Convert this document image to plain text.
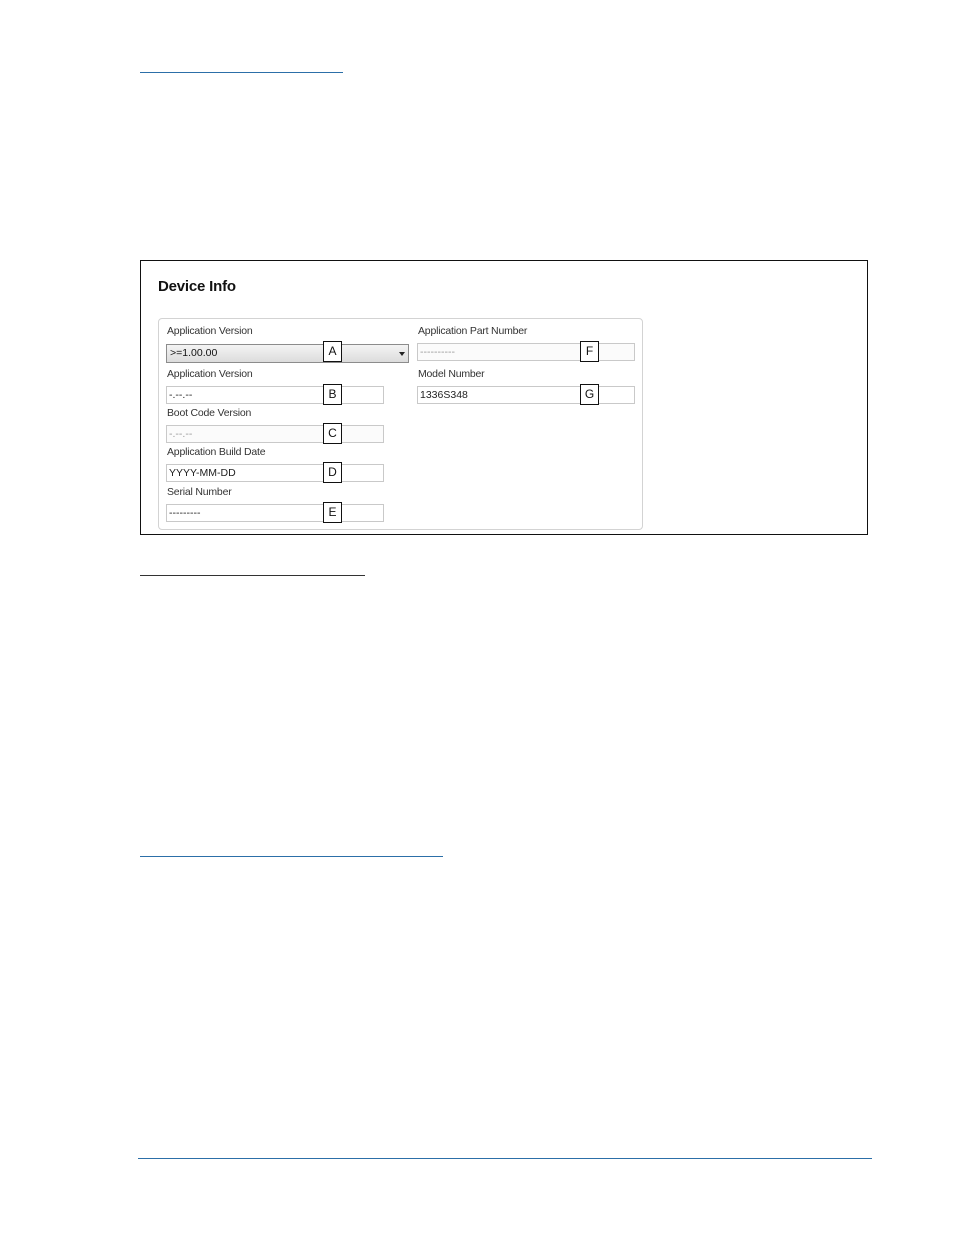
Device Info
Application Version
>=1.00.00
Application Version
-.--.--
Boot Code Version
-.--.--
Application Build Date
YYYY-MM-DD
Serial Number
---------
Application Part Number
----------
Model Number
1336S348
A
B
C
D
E
F
G
